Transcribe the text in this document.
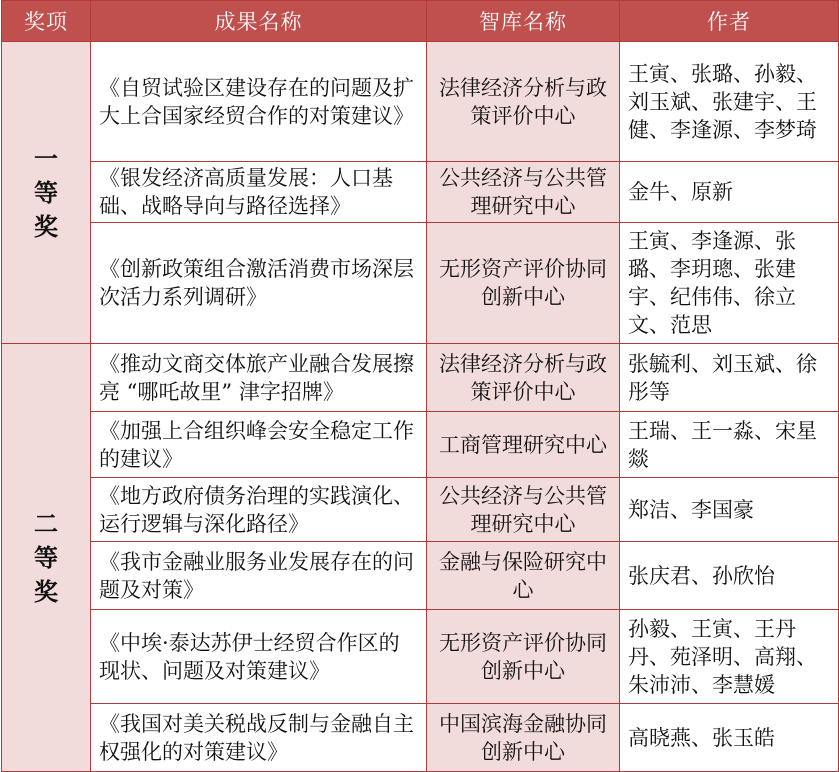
奖项	成果名称	智库名称	作者

一
等
奖	《自贸试验区建设存在的问题及扩大上合国家经贸合作的对策建议》	法律经济分析与政策评价中心	王寅、张璐、孙毅、刘玉斌、张建宇、王健、李逢源、李梦琦
	《银发经济高质量发展：人口基础、战略导向与路径选择》	公共经济与公共管理研究中心	金牛、原新
	《创新政策组合激活消费市场深层次活力系列调研》	无形资产评价协同创新中心	王寅、李逢源、张璐、李玥璁、张建宇、纪伟伟、徐立文、范思

二
等
奖	《推动文商交体旅产业融合发展擦亮 “哪吒故里” 津字招牌》	法律经济分析与政策评价中心	张毓利、刘玉斌、徐彤等
	《加强上合组织峰会安全稳定工作的建议》	工商管理研究中心	王瑞、王一淼、宋星燚
	《地方政府债务治理的实践演化、运行逻辑与深化路径》	公共经济与公共管理研究中心	郑洁、李国豪
	《我市金融业服务业发展存在的问题及对策》	金融与保险研究中心	张庆君、孙欣怡
	《中埃·泰达苏伊士经贸合作区的现状、问题及对策建议》	无形资产评价协同创新中心	孙毅、王寅、王丹丹、苑泽明、高翔、朱沛沛、李慧媛
	《我国对美关税战反制与金融自主权强化的对策建议》	中国滨海金融协同创新中心	高晓燕、张玉皓
